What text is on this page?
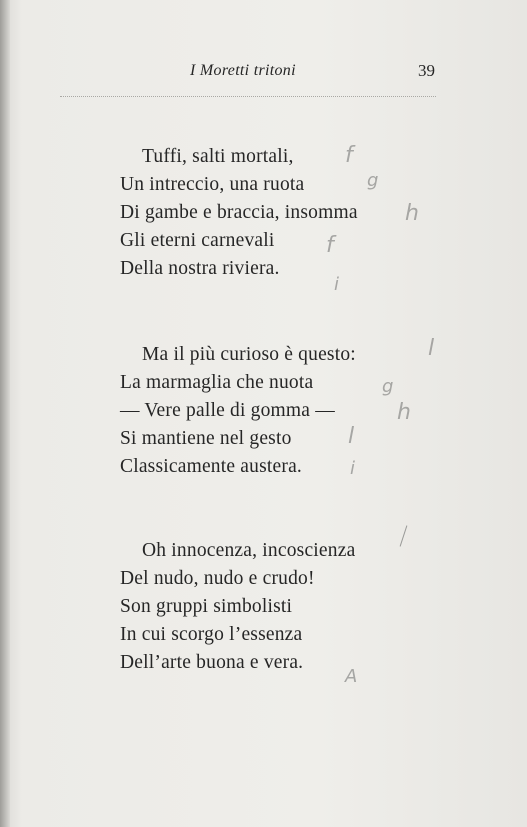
I Moretti tritoni	39
Tuffi, salti mortali,
Un intreccio, una ruota
Di gambe e braccia, insomma
Gli eterni carnevali
Della nostra riviera.
Ma il più curioso è questo:
La marmaglia che nuota
— Vere palle di gomma —
Si mantiene nel gesto
Classicamente austera.
Oh innocenza, incoscienza
Del nudo, nudo e crudo!
Son gruppi simbolisti
In cui scorgo l’essenza
Dell’arte buona e vera.
f
g
h
f
i
l
g
h
l
i
A
